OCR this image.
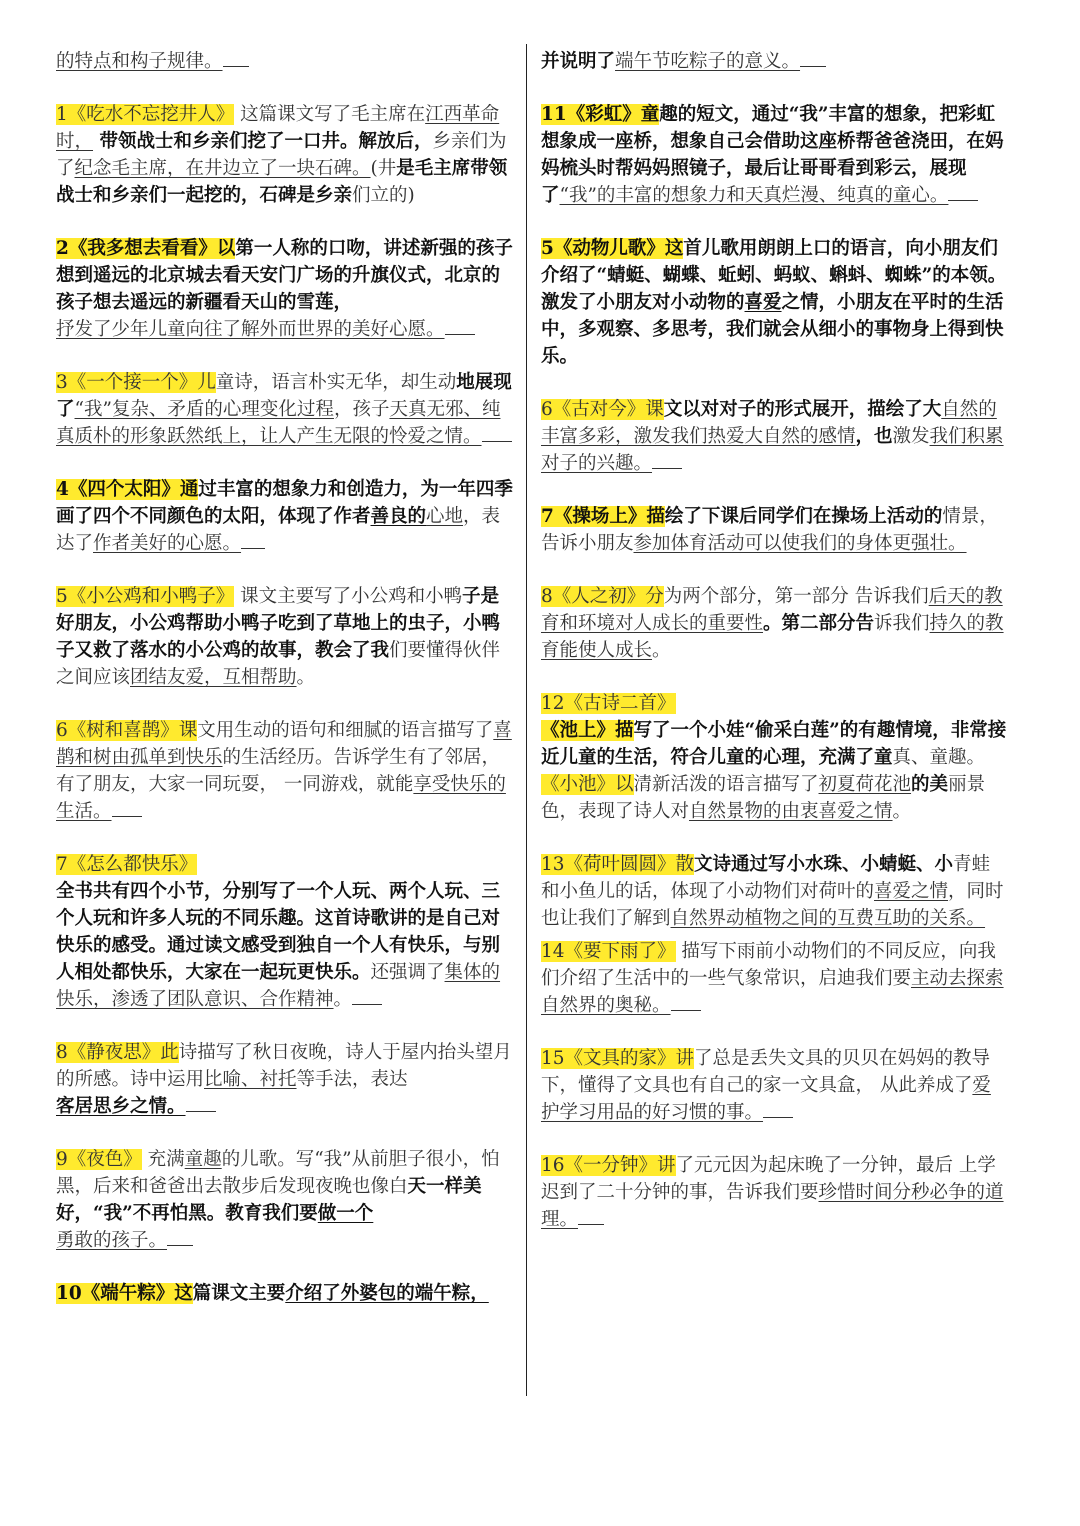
的特点和构子规律。

1《吃水不忘挖井人》 这篇课文写了毛主席在江西革命时， 带领战士和乡亲们挖了一口井。解放后，乡亲们为了纪念毛主席，在井边立了一块石碑。(井是毛主席带领战士和乡亲们一起挖的，石碑是乡亲们立的)

2《我多想去看看》以第一人称的口吻，讲述新强的孩子想到遥远的北京城去看天安门广场的升旗仪式，北京的孩子想去遥远的新疆看天山的雪莲，

抒发了少年儿童向往了解外而世界的美好心愿。

3《一个接一个》儿童诗，语言朴实无华，却生动地展现了“我”复杂、矛盾的心理变化过程，孩子天真无邪、纯真质朴的形象跃然纸上，让人产生无限的怜爱之情。

4《四个太阳》通过丰富的想象力和创造力，为一年四季画了四个不同颜色的太阳，体现了作者善良的心地，表达了作者美好的心愿。

5《小公鸡和小鸭子》 课文主要写了小公鸡和小鸭子是好朋友，小公鸡帮助小鸭子吃到了草地上的虫子，小鸭子又救了落水的小公鸡的故事，教会了我们要懂得伙伴之间应该团结友爱，互相帮助。

6《树和喜鹊》课文用生动的语句和细腻的语言描写了喜鹊和树由孤单到快乐的生活经历。告诉学生有了邻居，有了朋友，大家一同玩耍， 一同游戏，就能享受快乐的生活。

7《怎么都快乐》

全书共有四个小节，分别写了一个人玩、两个人玩、三个人玩和许多人玩的不同乐趣。这首诗歌讲的是自己对快乐的感受。通过读文感受到独自一个人有快乐，与别人相处都快乐，大家在一起玩更快乐。还强调了集体的快乐，渗透了团队意识、合作精神。

8《静夜思》此诗描写了秋日夜晚，诗人于屋内抬头望月的所感。诗中运用比喻、衬托等手法，表达

客居思乡之情。

9《夜色》 充满童趣的儿歌。写“我”从前胆子很小，怕黑，后来和爸爸出去散步后发现夜晚也像白天一样美好，“我”不再怕黑。教育我们要做一个

勇敢的孩子。

10《端午粽》这篇课文主要介绍了外婆包的端午粽，

并说明了端午节吃粽子的意义。

11《彩虹》童趣的短文，通过“我”丰富的想象，把彩虹想象成一座桥，想象自己会借助这座桥帮爸爸浇田，在妈妈梳头时帮妈妈照镜子，最后让哥哥看到彩云，展现了“我”的丰富的想象力和天真烂漫、纯真的童心。

5《动物儿歌》这首儿歌用朗朗上口的语言，向小朋友们介绍了“蜻蜓、蝴蝶、蚯蚓、蚂蚁、蝌蚪、蜘蛛”的本领。激发了小朋友对小动物的喜爱之情，小朋友在平时的生活中，多观察、多思考，我们就会从细小的事物身上得到快乐。

6《古对今》课文以对对子的形式展开，描绘了大自然的丰富多彩，激发我们热爱大自然的感情，也激发我们积累对子的兴趣。

7《操场上》描绘了下课后同学们在操场上活动的情景，告诉小朋友参加体育活动可以使我们的身体更强壮。

8《人之初》分为两个部分，第一部分 告诉我们后天的教育和环境对人成长的重要性。第二部分告诉我们持久的教育能使人成长。

12《古诗二首》

《池上》描写了一个小娃“偷采白莲”的有趣情境，非常接近儿童的生活，符合儿童的心理，充满了童真、童趣。

《小池》以清新活泼的语言描写了初夏荷花池的美丽景色，表现了诗人对自然景物的由衷喜爱之情。

13《荷叶圆圆》散文诗通过写小水珠、小蜻蜓、小青蛙和小鱼儿的话，体现了小动物们对荷叶的喜爱之情，同时也让我们了解到自然界动植物之间的互费互助的关系。

14《要下雨了》 描写下雨前小动物们的不同反应，向我们介绍了生活中的一些气象常识，启迪我们要主动去探索自然界的奥秘。

15《文具的家》讲了总是丢失文具的贝贝在妈妈的教导下，懂得了文具也有自己的家一文具盒， 从此养成了爱护学习用品的好习惯的事。

16《一分钟》讲了元元因为起床晚了一分钟，最后 上学迟到了二十分钟的事，告诉我们要珍惜时间分秒必争的道理。
